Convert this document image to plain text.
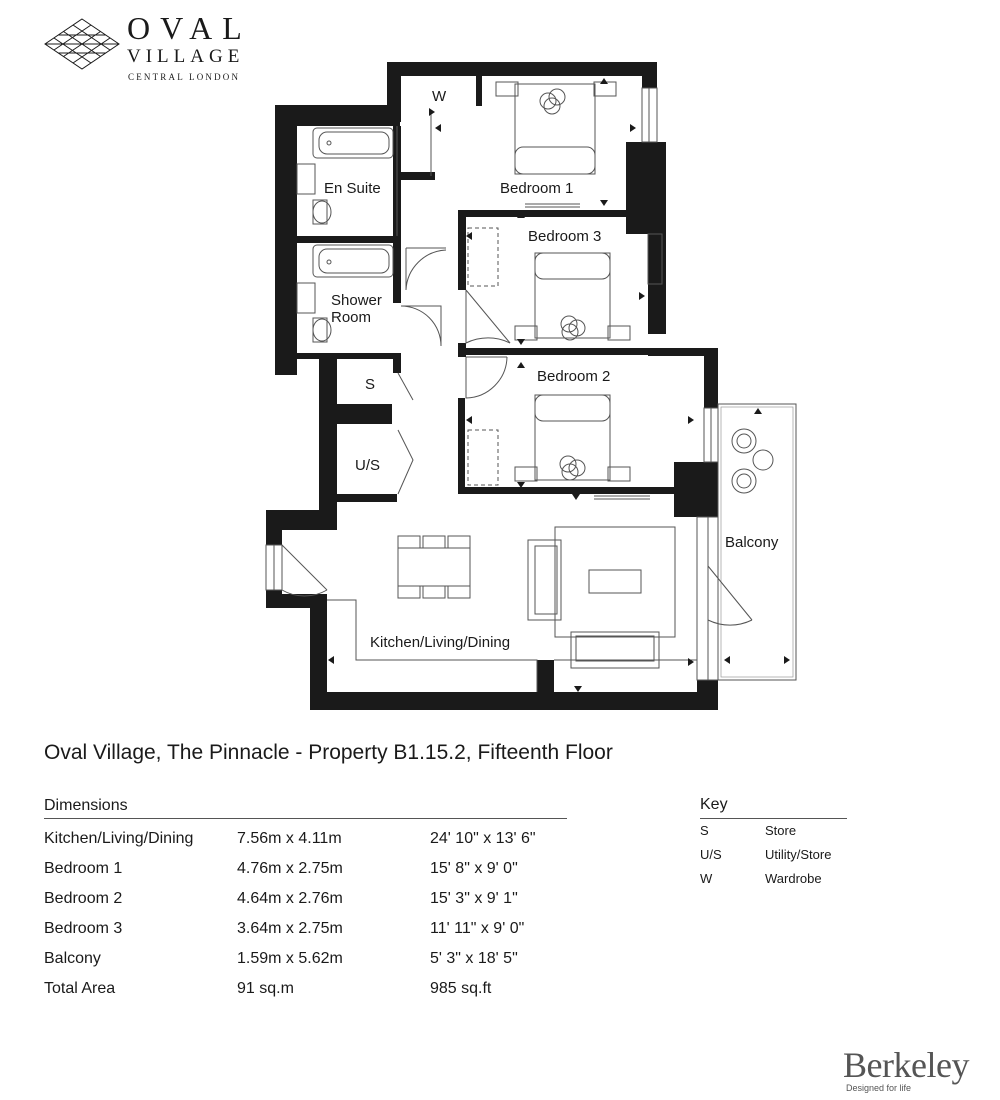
OVAL
VILLAGE
CENTRAL LONDON
W
Bedroom 1
En Suite
Bedroom 3
Shower
Room
S	Bedroom 2
U/S
Balcony
Kitchen/Living/Dining
Oval Village, The Pinnacle - Property B1.15.2, Fifteenth Floor
Dimensions
Kitchen/Living/Dining	7.56m x 4.11m	24' 10" x 13' 6"
Bedroom 1	4.76m x 2.75m	15' 8" x 9' 0"
Bedroom 2	4.64m x 2.76m	15' 3" x 9' 1"
Bedroom 3	3.64m x 2.75m	11' 11" x 9' 0"
Balcony	1.59m x 5.62m	5' 3" x 18' 5"
Total Area	91 sq.m	985 sq.ft
Key
S	Store
U/S	Utility/Store
W	Wardrobe
Berkeley
Designed for life
